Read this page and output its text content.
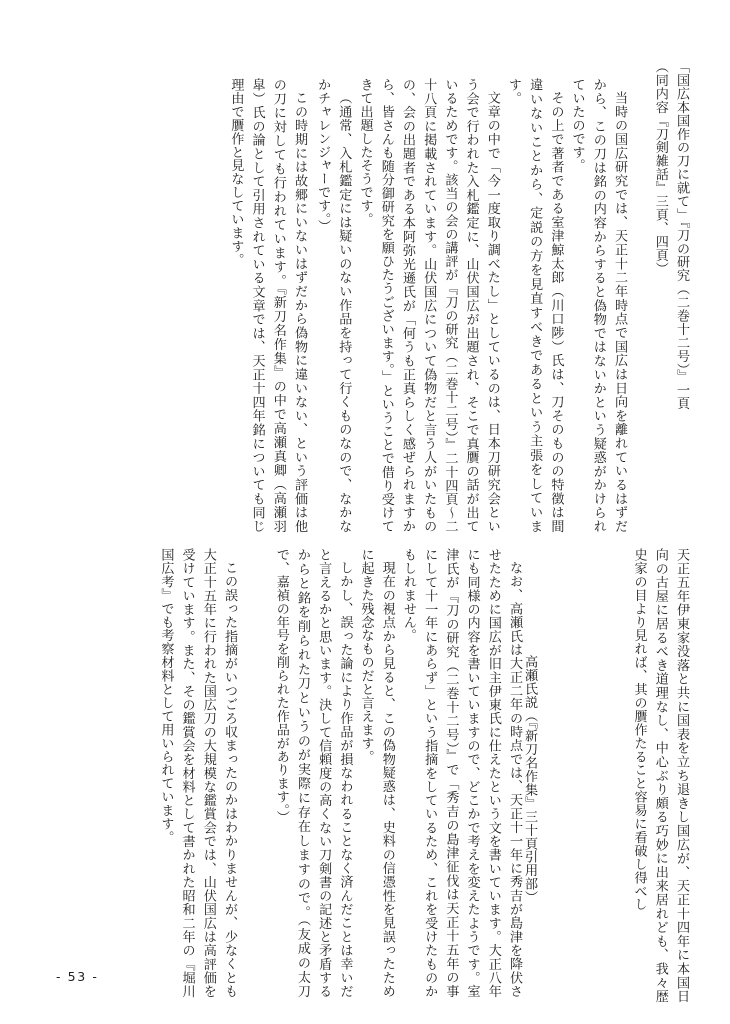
「国広本国作の刀に就て」『刀の研究（二巻十二号）』一頁

（同内容『刀剣雑話』三頁、四頁）

当時の国広研究では、天正十二年時点で国広は日向を離れているはずだから、この刀は銘の内容からすると偽物ではないかという疑惑がかけられていたのです。

その上で著者である室津鯨太郎（川口陟）氏は、刀そのものの特徴は間違いないことから、定説の方を見直すべきであるという主張をしています。

文章の中で「今一度取り調べたし」としているのは、日本刀研究会という会で行われた入札鑑定に、山伏国広が出題され、そこで真贋の話が出ているためです。該当の会の講評が『刀の研究（二巻十二号）』二十四頁～二十八頁に掲載されています。山伏国広について偽物だと言う人がいたものの、会の出題者である本阿弥光遜氏が「何うも正真らしく感ぜられますから、皆さんも随分御研究を願ひたうございます。」ということで借り受けてきて出題したそうです。

（通常、入札鑑定には疑いのない作品を持って行くものなので、なかなかチャレンジャーです。）

この時期には故郷にいないはずだから偽物に違いない、という評価は他の刀に対しても行われています。『新刀名作集』の中で高瀬真卿（高瀬羽皐）氏の論として引用されている文章では、天正十四年銘についても同じ理由で贋作と見なしています。

天正五年伊東家没落と共に国表を立ち退きし国広が、天正十四年に本国日向の古屋に居るべき道理なし、中心ぶり頗る巧妙に出来居れども、我々歴史家の目より見れば、其の贋作たること容易に看破し得べし

高瀬氏説（『新刀名作集』三十頁引用部）

なお、高瀬氏は大正二年の時点では、天正十一年に秀吉が島津を降伏させたために国広が旧主伊東氏に仕えたという文を書いています。大正八年にも同様の内容を書いていますので、どこかで考えを変えたようです。室津氏が『刀の研究（二巻十二号）』で「秀吉の島津征伐は天正十五年の事にして十一年にあらず」という指摘をしているため、これを受けたものかもしれません。

現在の視点から見ると、この偽物疑惑は、史料の信憑性を見誤ったために起きた残念なものだと言えます。

しかし、誤った論により作品が損なわれることなく済んだことは幸いだと言えるかと思います。決して信頼度の高くない刀剣書の記述と矛盾するからと銘を削られた刀というのが実際に存在しますので。（友成の太刀で、嘉禎の年号を削られた作品があります。）

この誤った指摘がいつごろ収まったのかはわかりませんが、少なくとも大正十五年に行われた国広刀の大規模な鑑賞会では、山伏国広は高評価を受けています。また、その鑑賞会を材料として書かれた昭和二年の『堀川国広考』でも考察材料として用いられています。

- 53 -
